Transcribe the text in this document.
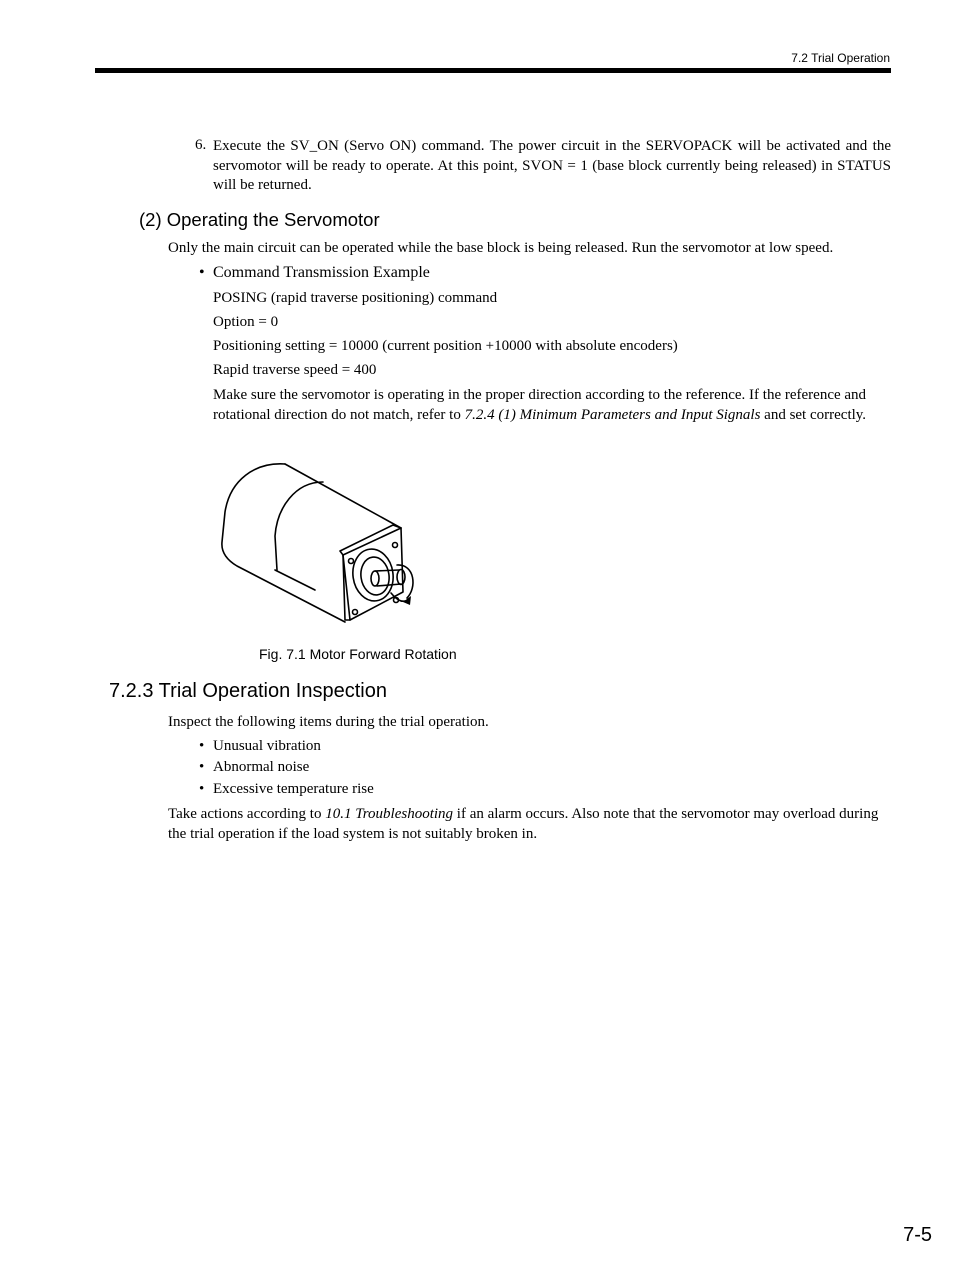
7.2 Trial Operation
6. Execute the SV_ON (Servo ON) command. The power circuit in the SERVOPACK will be activated and the servomotor will be ready to operate. At this point, SVON = 1 (base block currently being released) in STATUS will be returned.
(2) Operating the Servomotor
Only the main circuit can be operated while the base block is being released. Run the servomotor at low speed.
• Command Transmission Example
POSING (rapid traverse positioning) command
Option = 0
Positioning setting = 10000 (current position +10000 with absolute encoders)
Rapid traverse speed = 400
Make sure the servomotor is operating in the proper direction according to the reference. If the reference and rotational direction do not match, refer to 7.2.4 (1) Minimum Parameters and Input Signals and set correctly.
Fig. 7.1 Motor Forward Rotation
7.2.3 Trial Operation Inspection
Inspect the following items during the trial operation.
• Unusual vibration
• Abnormal noise
• Excessive temperature rise
Take actions according to 10.1 Troubleshooting if an alarm occurs. Also note that the servomotor may overload during the trial operation if the load system is not suitably broken in.
7-5
